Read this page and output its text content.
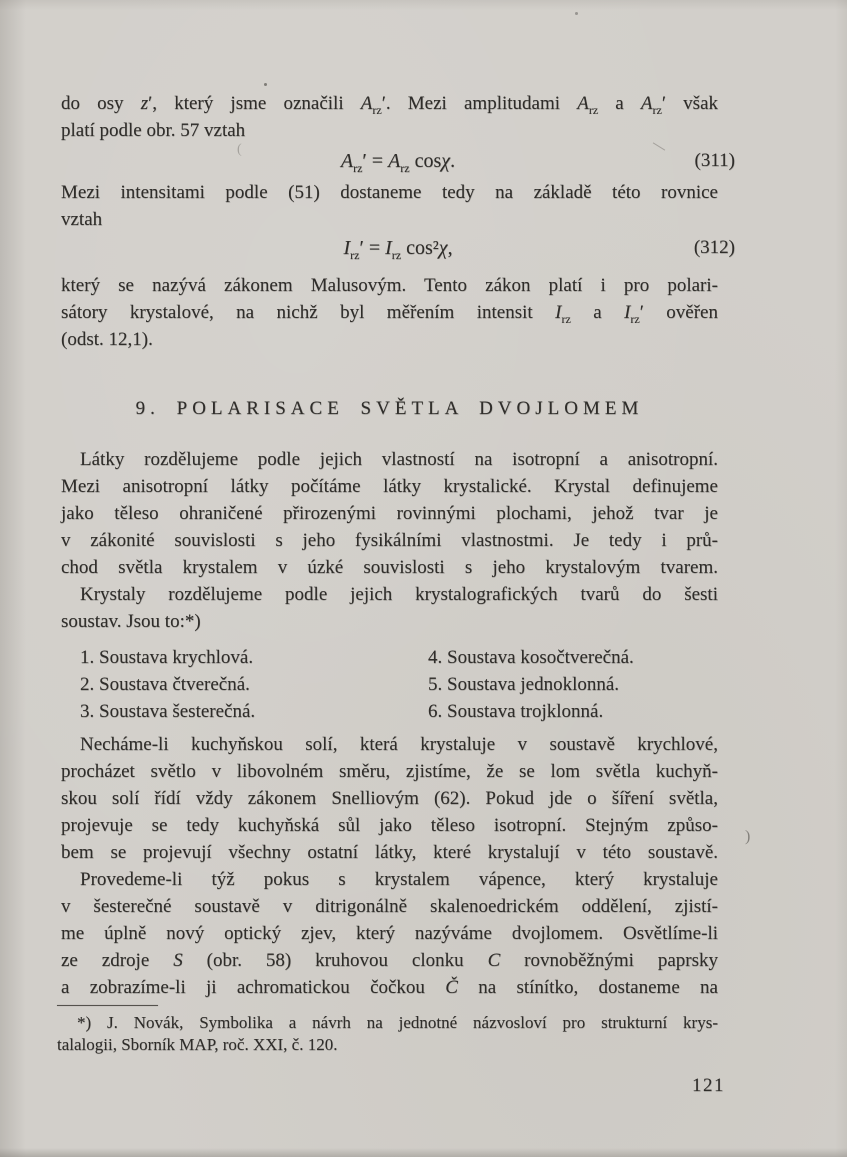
do osy z′, který jsme označili $A_{rz}'$. Mezi amplitudami $A_{rz}$ a $A_{rz}'$ však
platí podle obr. 57 vztah
$A_{rz}' = A_{rz}$ cosχ.	(311)
Mezi intensitami podle (51) dostaneme tedy na základě této rovnice
vztah
$I_{rz}' = I_{rz}$ cos²χ,	(312)
který se nazývá zákonem Malusovým. Tento zákon platí i pro polari-
sátory krystalové, na nichž byl měřením intensit $I_{rz}$ a $I_{rz}'$ ověřen
(odst. 12,1).
9. POLARISACE SVĚTLA DVOJLOMEM
Látky rozdělujeme podle jejich vlastností na isotropní a anisotropní.
Mezi anisotropní látky počítáme látky krystalické. Krystal definujeme
jako těleso ohraničené přirozenými rovinnými plochami, jehož tvar je
v zákonité souvislosti s jeho fysikálními vlastnostmi. Je tedy i prů-
chod světla krystalem v úzké souvislosti s jeho krystalovým tvarem.
Krystaly rozdělujeme podle jejich krystalografických tvarů do šesti
soustav. Jsou to:*)
1. Soustava krychlová.
2. Soustava čtverečná.
3. Soustava šesterečná.
4. Soustava kosočtverečná.
5. Soustava jednoklonná.
6. Soustava trojklonná.
Necháme-li kuchyňskou solí, která krystaluje v soustavě krychlové,
procházet světlo v libovolném směru, zjistíme, že se lom světla kuchyň-
skou solí řídí vždy zákonem Snelliovým (62). Pokud jde o šíření světla,
projevuje se tedy kuchyňská sůl jako těleso isotropní. Stejným způso-
bem se projevují všechny ostatní látky, které krystalují v této soustavě.
Provedeme-li týž pokus s krystalem vápence, který krystaluje
v šesterečné soustavě v ditrigonálně skalenoedrickém oddělení, zjistí-
me úplně nový optický zjev, který nazýváme dvojlomem. Osvětlíme-li
ze zdroje S (obr. 58) kruhovou clonku C rovnoběžnými paprsky
a zobrazíme-li ji achromatickou čočkou Č na stínítko, dostaneme na
*) J. Novák, Symbolika a návrh na jednotné názvosloví pro strukturní krys-
talalogii, Sborník MAP, roč. XXI, č. 120.
121
)
(
